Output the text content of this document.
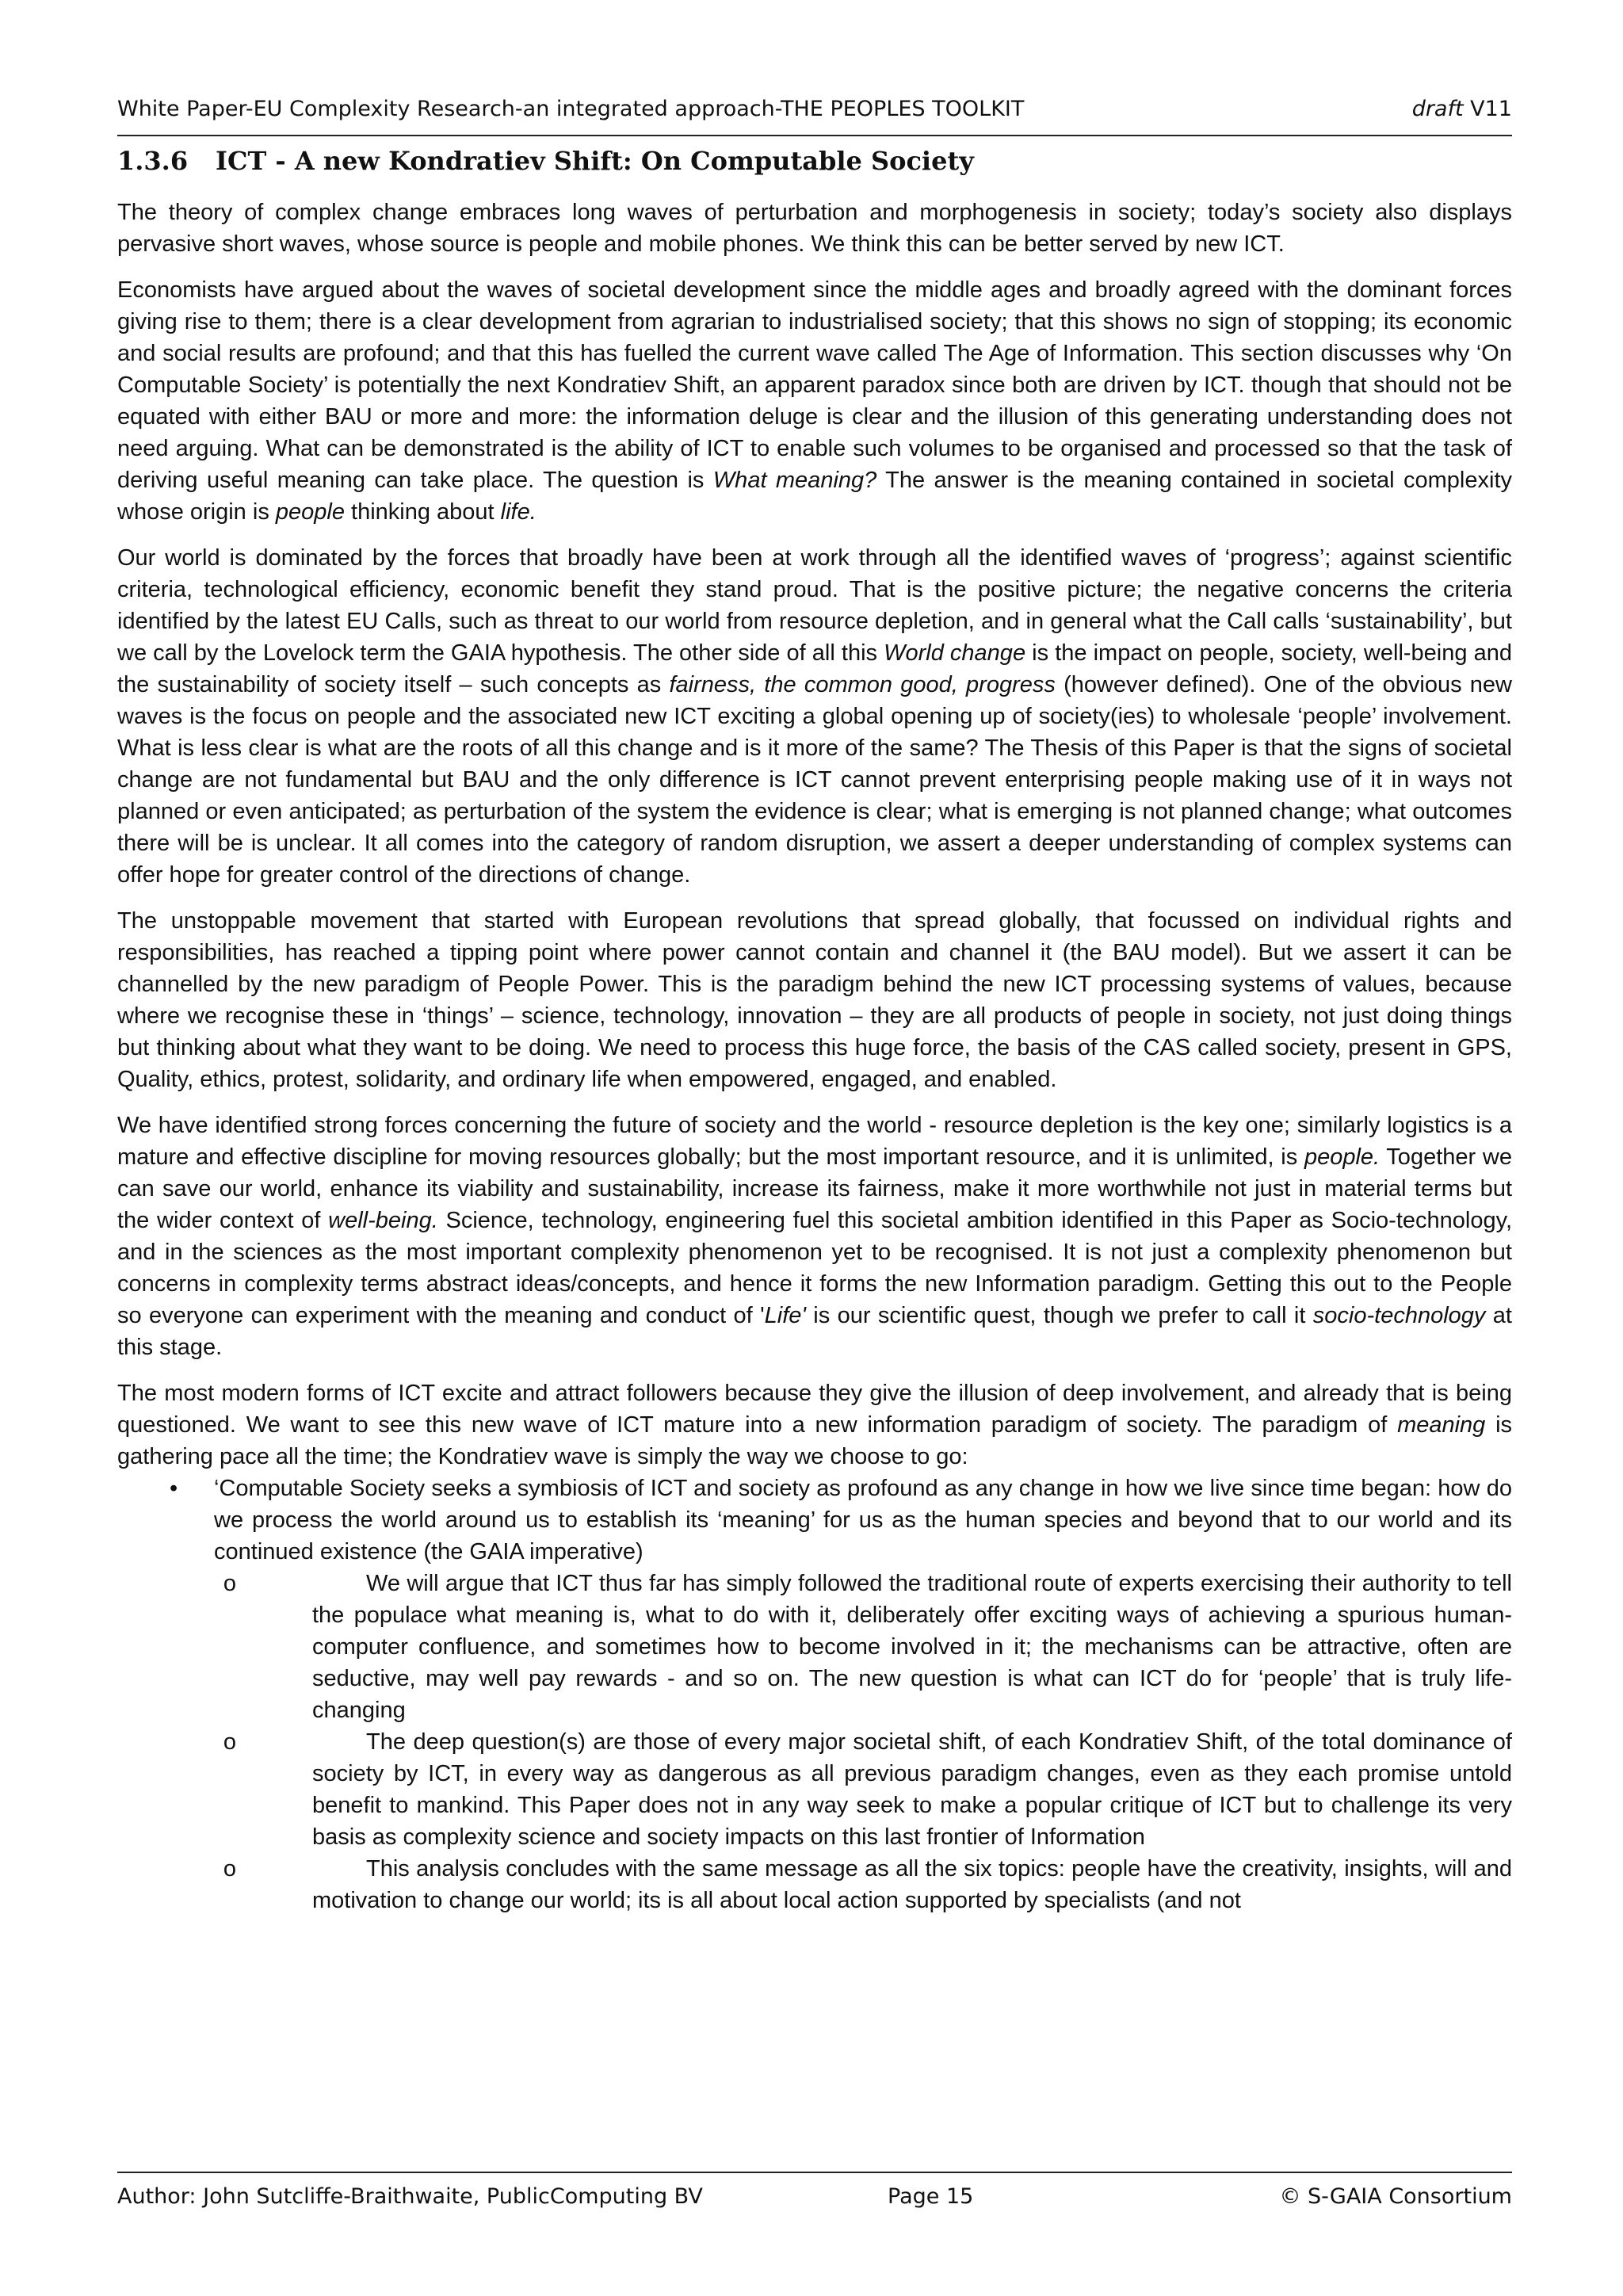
White Paper-EU Complexity Research-an integrated approach-THE PEOPLES TOOLKIT	draft V11
1.3.6 ICT - A new Kondratiev Shift: On Computable Society

The theory of complex change embraces long waves of perturbation and morphogenesis in society; today’s society also displays pervasive short waves, whose source is people and mobile phones. We think this can be better served by new ICT.

Economists have argued about the waves of societal development since the middle ages and broadly agreed with the dominant forces giving rise to them; there is a clear development from agrarian to industrialised society; that this shows no sign of stopping; its economic and social results are profound; and that this has fuelled the current wave called The Age of Information. This section discusses why ‘On Computable Society’ is potentially the next Kondratiev Shift, an apparent paradox since both are driven by ICT. though that should not be equated with either BAU or more and more: the information deluge is clear and the illusion of this generating understanding does not need arguing. What can be demonstrated is the ability of ICT to enable such volumes to be organised and processed so that the task of deriving useful meaning can take place. The question is What meaning? The answer is the meaning contained in societal complexity whose origin is people thinking about life.

Our world is dominated by the forces that broadly have been at work through all the identified waves of ‘progress’; against scientific criteria, technological efficiency, economic benefit they stand proud. That is the positive picture; the negative concerns the criteria identified by the latest EU Calls, such as threat to our world from resource depletion, and in general what the Call calls ‘sustainability’, but we call by the Lovelock term the GAIA hypothesis. The other side of all this World change is the impact on people, society, well-being and the sustainability of society itself – such concepts as fairness, the common good, progress (however defined). One of the obvious new waves is the focus on people and the associated new ICT exciting a global opening up of society(ies) to wholesale ‘people’ involvement. What is less clear is what are the roots of all this change and is it more of the same? The Thesis of this Paper is that the signs of societal change are not fundamental but BAU and the only difference is ICT cannot prevent enterprising people making use of it in ways not planned or even anticipated; as perturbation of the system the evidence is clear; what is emerging is not planned change; what outcomes there will be is unclear. It all comes into the category of random disruption, we assert a deeper understanding of complex systems can offer hope for greater control of the directions of change.

The unstoppable movement that started with European revolutions that spread globally, that focussed on individual rights and responsibilities, has reached a tipping point where power cannot contain and channel it (the BAU model). But we assert it can be channelled by the new paradigm of People Power. This is the paradigm behind the new ICT processing systems of values, because where we recognise these in ‘things’ – science, technology, innovation – they are all products of people in society, not just doing things but thinking about what they want to be doing. We need to process this huge force, the basis of the CAS called society, present in GPS, Quality, ethics, protest, solidarity, and ordinary life when empowered, engaged, and enabled.

We have identified strong forces concerning the future of society and the world - resource depletion is the key one; similarly logistics is a mature and effective discipline for moving resources globally; but the most important resource, and it is unlimited, is people. Together we can save our world, enhance its viability and sustainability, increase its fairness, make it more worthwhile not just in material terms but the wider context of well-being. Science, technology, engineering fuel this societal ambition identified in this Paper as Socio-technology, and in the sciences as the most important complexity phenomenon yet to be recognised. It is not just a complexity phenomenon but concerns in complexity terms abstract ideas/concepts, and hence it forms the new Information paradigm. Getting this out to the People so everyone can experiment with the meaning and conduct of 'Life' is our scientific quest, though we prefer to call it socio-technology at this stage.

The most modern forms of ICT excite and attract followers because they give the illusion of deep involvement, and already that is being questioned. We want to see this new wave of ICT mature into a new information paradigm of society. The paradigm of meaning is gathering pace all the time; the Kondratiev wave is simply the way we choose to go:

• ‘Computable Society seeks a symbiosis of ICT and society as profound as any change in how we live since time began: how do we process the world around us to establish its ‘meaning’ for us as the human species and beyond that to our world and its continued existence (the GAIA imperative)
o	We will argue that ICT thus far has simply followed the traditional route of experts exercising their authority to tell the populace what meaning is, what to do with it, deliberately offer exciting ways of achieving a spurious human-computer confluence, and sometimes how to become involved in it; the mechanisms can be attractive, often are seductive, may well pay rewards - and so on. The new question is what can ICT do for ‘people’ that is truly life-changing
o	The deep question(s) are those of every major societal shift, of each Kondratiev Shift, of the total dominance of society by ICT, in every way as dangerous as all previous paradigm changes, even as they each promise untold benefit to mankind. This Paper does not in any way seek to make a popular critique of ICT but to challenge its very basis as complexity science and society impacts on this last frontier of Information
o	This analysis concludes with the same message as all the six topics: people have the creativity, insights, will and motivation to change our world; its is all about local action supported by specialists (and not
Author: John Sutcliffe-Braithwaite, PublicComputing BV	Page 15	© S-GAIA Consortium
